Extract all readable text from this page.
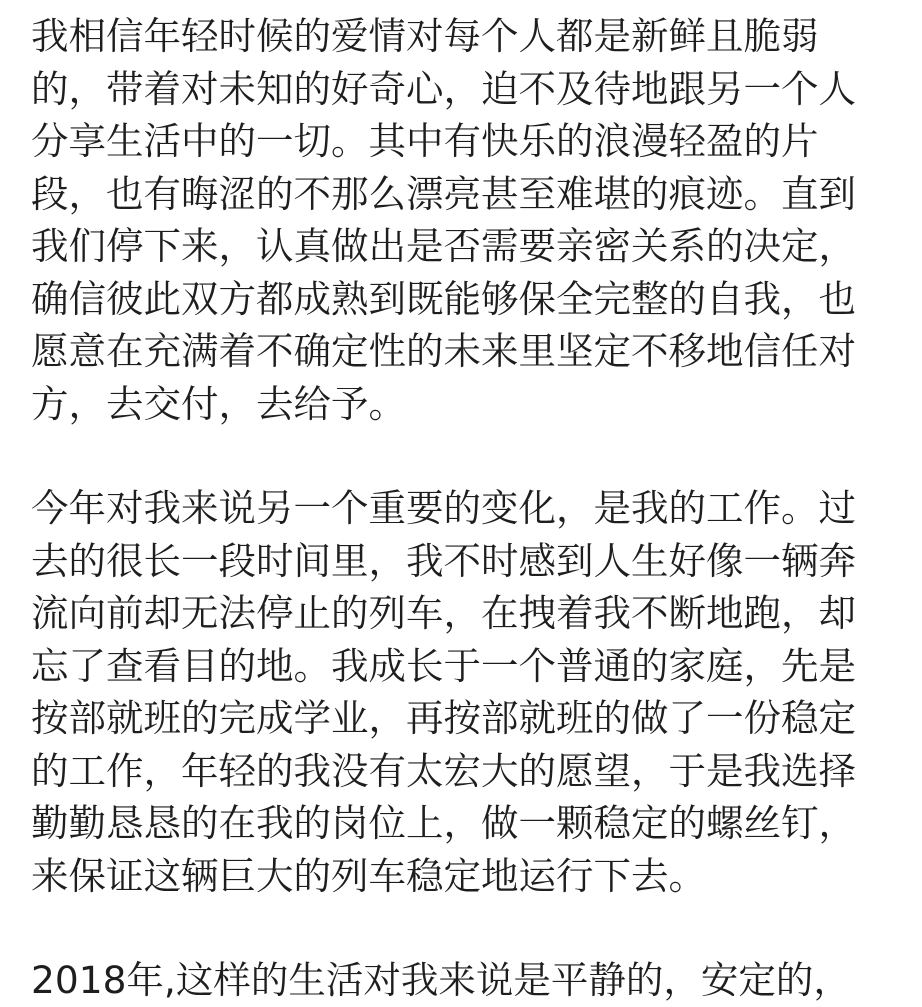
我相信年轻时候的爱情对每个人都是新鲜且脆弱
的，带着对未知的好奇心，迫不及待地跟另一个人
分享生活中的一切。其中有快乐的浪漫轻盈的片
段，也有晦涩的不那么漂亮甚至难堪的痕迹。直到
我们停下来，认真做出是否需要亲密关系的决定，
确信彼此双方都成熟到既能够保全完整的自我，也
愿意在充满着不确定性的未来里坚定不移地信任对
方，去交付，去给予。
今年对我来说另一个重要的变化，是我的工作。过
去的很长一段时间里，我不时感到人生好像一辆奔
流向前却无法停止的列车，在拽着我不断地跑，却
忘了查看目的地。我成长于一个普通的家庭，先是
按部就班的完成学业，再按部就班的做了一份稳定
的工作，年轻的我没有太宏大的愿望，于是我选择
勤勤恳恳的在我的岗位上，做一颗稳定的螺丝钉，
来保证这辆巨大的列车稳定地运行下去。
2018年,这样的生活对我来说是平静的，安定的，
